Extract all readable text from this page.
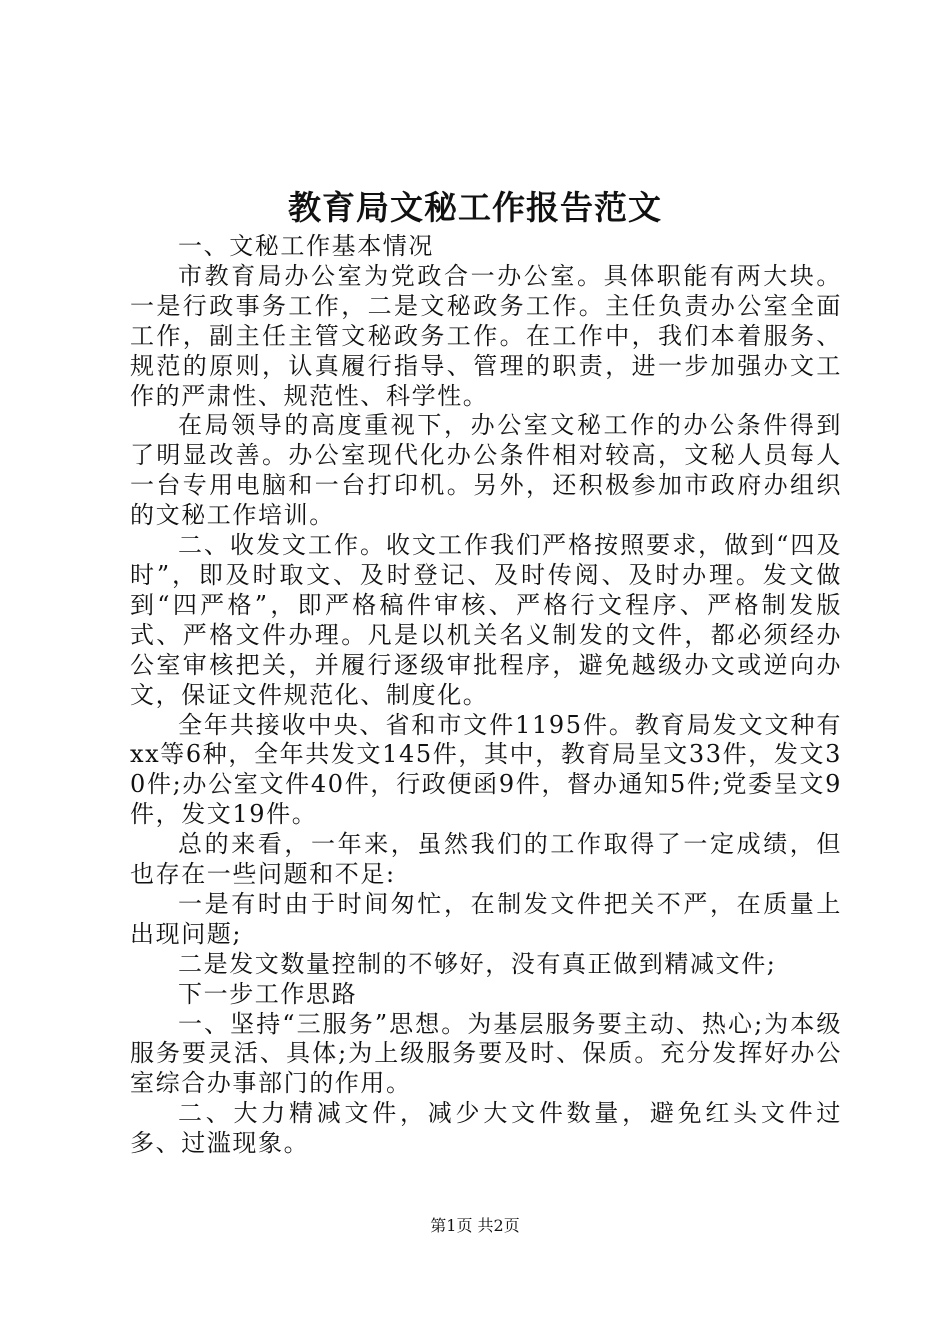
教育局文秘工作报告范文

一、文秘工作基本情况

市教育局办公室为党政合一办公室。具体职能有两大块。一是行政事务工作，二是文秘政务工作。主任负责办公室全面工作，副主任主管文秘政务工作。在工作中，我们本着服务、规范的原则，认真履行指导、管理的职责，进一步加强办文工作的严肃性、规范性、科学性。

在局领导的高度重视下，办公室文秘工作的办公条件得到了明显改善。办公室现代化办公条件相对较高，文秘人员每人一台专用电脑和一台打印机。另外，还积极参加市政府办组织的文秘工作培训。

二、收发文工作。收文工作我们严格按照要求，做到“四及时”，即及时取文、及时登记、及时传阅、及时办理。发文做到“四严格”，即严格稿件审核、严格行文程序、严格制发版式、严格文件办理。凡是以机关名义制发的文件，都必须经办公室审核把关，并履行逐级审批程序，避免越级办文或逆向办文，保证文件规范化、制度化。

全年共接收中央、省和市文件1195件。教育局发文文种有xx等6种，全年共发文145件，其中，教育局呈文33件，发文30件;办公室文件40件，行政便函9件，督办通知5件;党委呈文9件，发文19件。

总的来看，一年来，虽然我们的工作取得了一定成绩，但也存在一些问题和不足:

一是有时由于时间匆忙，在制发文件把关不严，在质量上出现问题;

二是发文数量控制的不够好，没有真正做到精减文件;

下一步工作思路

一、坚持“三服务”思想。为基层服务要主动、热心;为本级服务要灵活、具体;为上级服务要及时、保质。充分发挥好办公室综合办事部门的作用。

二、大力精减文件，减少大文件数量，避免红头文件过多、过滥现象。

第1页 共2页
